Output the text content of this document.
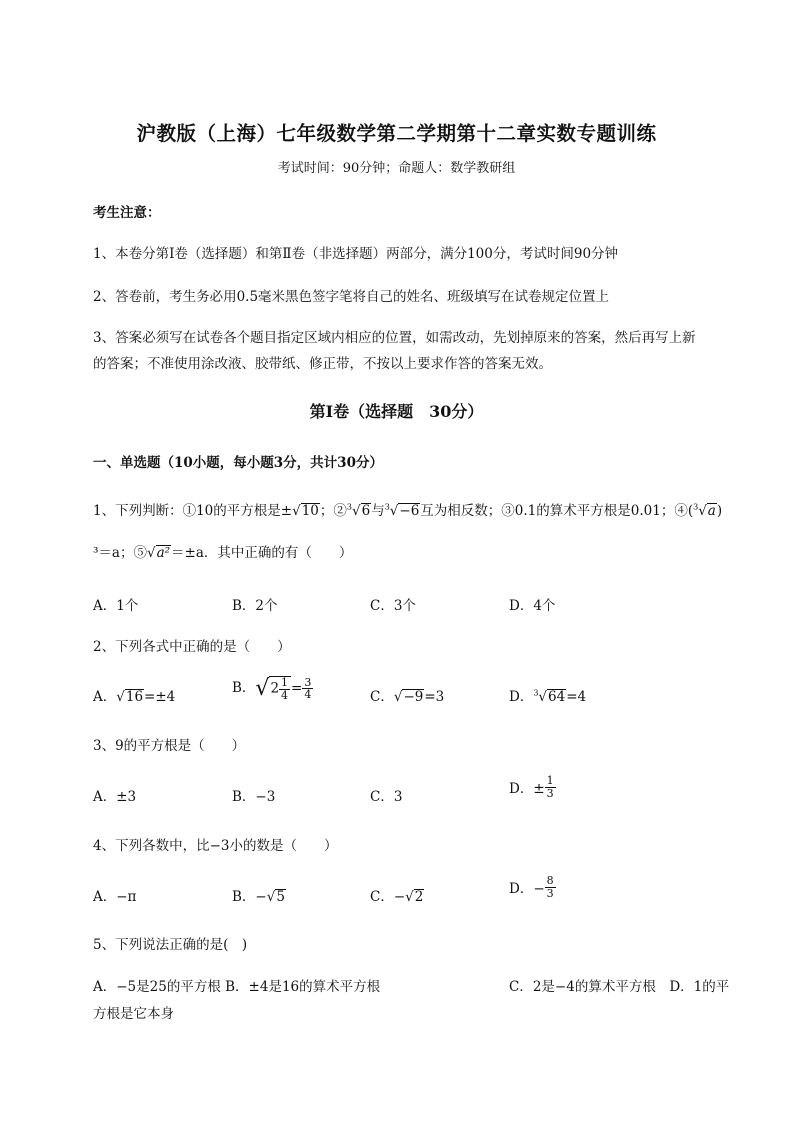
沪教版（上海）七年级数学第二学期第十二章实数专题训练
考试时间：90分钟；命题人：数学教研组
考生注意：
1、本卷分第Ⅰ卷（选择题）和第Ⅱ卷（非选择题）两部分，满分100分，考试时间90分钟
2、答卷前，考生务必用0.5毫米黑色签字笔将自己的姓名、班级填写在试卷规定位置上
3、答案必须写在试卷各个题目指定区域内相应的位置，如需改动，先划掉原来的答案，然后再写上新
的答案；不准使用涂改液、胶带纸、修正带，不按以上要求作答的答案无效。
第Ⅰ卷（选择题　30分）
一、单选题（10小题，每小题3分，共计30分）
1、下列判断：①10的平方根是±√10；②$^3$√6与$^3$√−6互为相反数；③0.1的算术平方根是0.01；④($^3$√a)
³＝a；⑤√a²＝±a．其中正确的有（　　）
A．1个	B．2个	C．3个	D．4个
2、下列各式中正确的是（　　）
A．√16=±4
B．$√2 \frac{1}{4} = \frac{3}{4}$	C．√−9=3	D．$^3$√64=4
3、9的平方根是（　　）
A．±3	B．−3	C．3	D．± $\frac{1}{3}$
4、下列各数中，比−3小的数是（　　）
A．−π	B．−√5	C．−√2	D．− $\frac{8}{3}$
5、下列说法正确的是(　)
A．−5是25的平方根 B．±4是16的算术平方根	C．2是−4的算术平方根　D．1的平
方根是它本身
